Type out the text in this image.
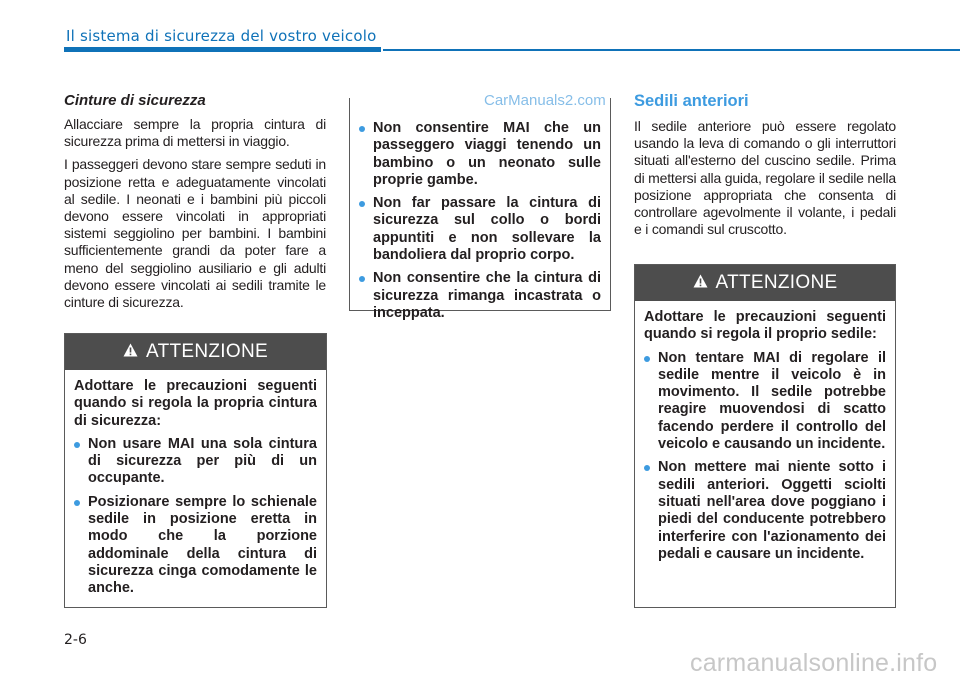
Il sistema di sicurezza del vostro veicolo
Cinture di sicurezza

Allacciare sempre la propria cintura di sicurezza prima di mettersi in viaggio.

I passeggeri devono stare sempre seduti in posizione retta e adeguatamente vincolati al sedile. I neonati e i bambini più piccoli devono essere vincolati in appropriati sistemi seggiolino per bambini. I bambini sufficientemente grandi da poter fare a meno del seggiolino ausiliario e gli adulti devono essere vincolati ai sedili tramite le cinture di sicurezza.

ATTENZIONE

Adottare le precauzioni seguenti quando si regola la propria cintura di sicurezza:

Non usare MAI una sola cintura di sicurezza per più di un occupante.
Posizionare sempre lo schienale sedile in posizione eretta in modo che la porzione addominale della cintura di sicurezza cinga comodamente le anche.
Non consentire MAI che un passeggero viaggi tenendo un bambino o un neonato sulle proprie gambe.
Non far passare la cintura di sicurezza sul collo o bordi appuntiti e non sollevare la bandoliera dal proprio corpo.
Non consentire che la cintura di sicurezza rimanga incastrata o inceppata.
Sedili anteriori

Il sedile anteriore può essere regolato usando la leva di comando o gli interruttori situati all'esterno del cuscino sedile. Prima di mettersi alla guida, regolare il sedile nella posizione appropriata che consenta di controllare agevolmente il volante, i pedali e i comandi sul cruscotto.

ATTENZIONE

Adottare le precauzioni seguenti quando si regola il proprio sedile:

Non tentare MAI di regolare il sedile mentre il veicolo è in movimento. Il sedile potrebbe reagire muovendosi di scatto facendo perdere il controllo del veicolo e causando un incidente.
Non mettere mai niente sotto i sedili anteriori. Oggetti sciolti situati nell'area dove poggiano i piedi del conducente potrebbero interferire con l'azionamento dei pedali e causare un incidente.
CarManuals2.com
2-6
carmanualsonline.info
